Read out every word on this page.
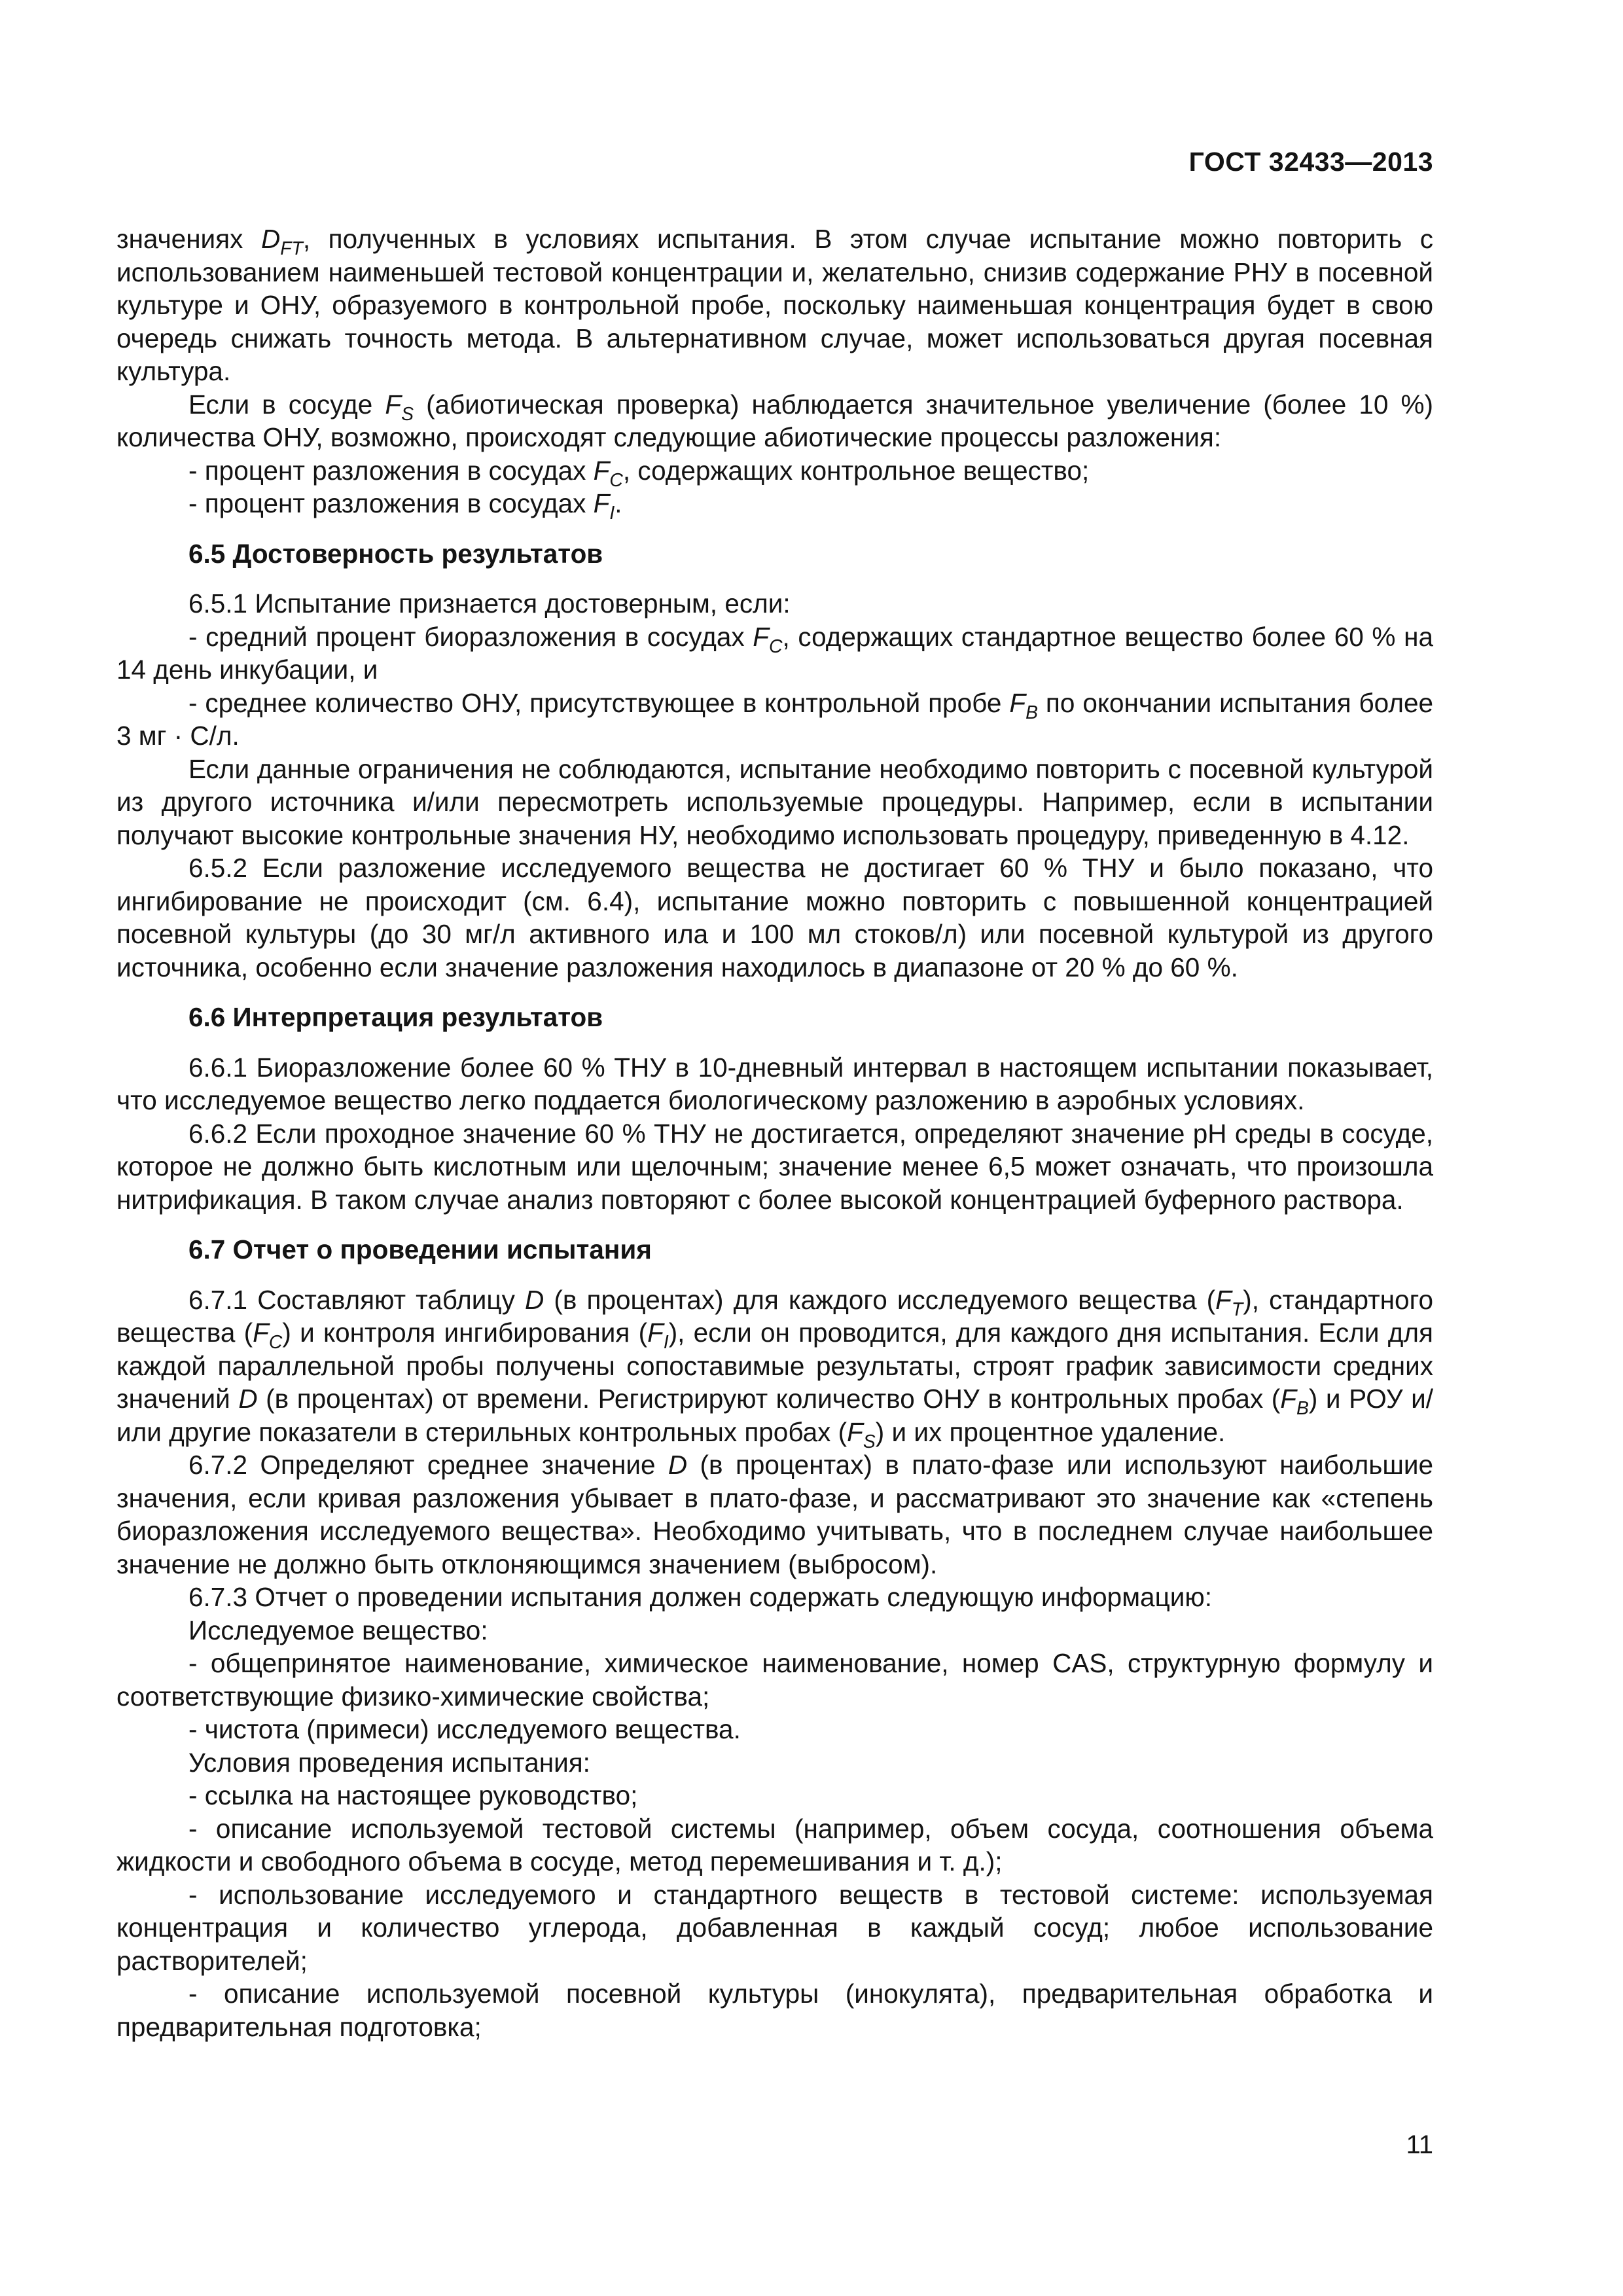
ГОСТ 32433—2013

значениях $D_{FT}$, полученных в условиях испытания. В этом случае испытание можно повторить с использованием наименьшей тестовой концентрации и, желательно, снизив содержание РНУ в посевной культуре и ОНУ, образуемого в контрольной пробе, поскольку наименьшая концентрация будет в свою очередь снижать точность метода. В альтернативном случае, может использоваться другая посевная культура.

Если в сосуде $F_S$ (абиотическая проверка) наблюдается значительное увеличение (более 10 %) количества ОНУ, возможно, происходят следующие абиотические процессы разложения:

- процент разложения в сосудах $F_C$, содержащих контрольное вещество;

- процент разложения в сосудах $F_I$.

6.5 Достоверность результатов

6.5.1 Испытание признается достоверным, если:

- средний процент биоразложения в сосудах $F_C$, содержащих стандартное вещество более 60 % на 14 день инкубации, и

- среднее количество ОНУ, присутствующее в контрольной пробе $F_B$ по окончании испытания более 3 мг · С/л.

Если данные ограничения не соблюдаются, испытание необходимо повторить с посевной культурой из другого источника и/или пересмотреть используемые процедуры. Например, если в испытании получают высокие контрольные значения НУ, необходимо использовать процедуру, приведенную в 4.12.

6.5.2 Если разложение исследуемого вещества не достигает 60 % ТНУ и было показано, что ингибирование не происходит (см. 6.4), испытание можно повторить с повышенной концентрацией посевной культуры (до 30 мг/л активного ила и 100 мл стоков/л) или посевной культурой из другого источника, особенно если значение разложения находилось в диапазоне от 20 % до 60 %.

6.6 Интерпретация результатов

6.6.1 Биоразложение более 60 % ТНУ в 10-дневный интервал в настоящем испытании показывает, что исследуемое вещество легко поддается биологическому разложению в аэробных условиях.

6.6.2 Если проходное значение 60 % ТНУ не достигается, определяют значение рН среды в сосуде, которое не должно быть кислотным или щелочным; значение менее 6,5 может означать, что произошла нитрификация. В таком случае анализ повторяют с более высокой концентрацией буферного раствора.

6.7 Отчет о проведении испытания

6.7.1 Составляют таблицу D (в процентах) для каждого исследуемого вещества $(F_T)$, стандартного вещества $(F_C)$ и контроля ингибирования $(F_I)$, если он проводится, для каждого дня испытания. Если для каждой параллельной пробы получены сопоставимые результаты, строят график зависимости средних значений D (в процентах) от времени. Регистрируют количество ОНУ в контрольных пробах $(F_B)$ и РОУ и/или другие показатели в стерильных контрольных пробах $(F_S)$ и их процентное удаление.

6.7.2 Определяют среднее значение D (в процентах) в плато-фазе или используют наибольшие значения, если кривая разложения убывает в плато-фазе, и рассматривают это значение как «степень биоразложения исследуемого вещества». Необходимо учитывать, что в последнем случае наибольшее значение не должно быть отклоняющимся значением (выбросом).

6.7.3 Отчет о проведении испытания должен содержать следующую информацию:

Исследуемое вещество:

- общепринятое наименование, химическое наименование, номер CAS, структурную формулу и соответствующие физико-химические свойства;

- чистота (примеси) исследуемого вещества.

Условия проведения испытания:

- ссылка на настоящее руководство;

- описание используемой тестовой системы (например, объем сосуда, соотношения объема жидкости и свободного объема в сосуде, метод перемешивания и т. д.);

- использование исследуемого и стандартного веществ в тестовой системе: используемая концентрация и количество углерода, добавленная в каждый сосуд; любое использование растворителей;

- описание используемой посевной культуры (инокулята), предварительная обработка и предварительная подготовка;

11
